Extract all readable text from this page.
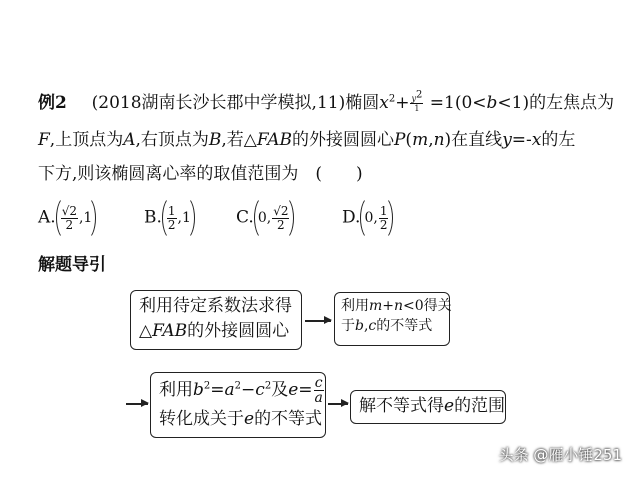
例2 (2018湖南长沙长郡中学模拟,11)椭圆$x^2+ \frac{y^2}{1} =1(0<b<1)$的左焦点为
F,上顶点为A,右顶点为B,若△FAB的外接圆圆心P(m,n)在直线y=-x的左
下方,则该椭圆离心率的取值范围为　(　　)
A. $\frac{√2}{2} ,1$	B. $\frac{1}{2} ,1$	C. 0, $\frac{√2}{2}$	D. 0, $\frac{1}{2}$
解题导引
利用待定系数法求得
△FAB的外接圆圆心
利用m+n<0得关
于b,c的不等式
利用$b^2=a^2-c^2$及$e= \frac{c}{a}$
转化成关于e的不等式
解不等式得e的范围
头条 @雁小锤251
